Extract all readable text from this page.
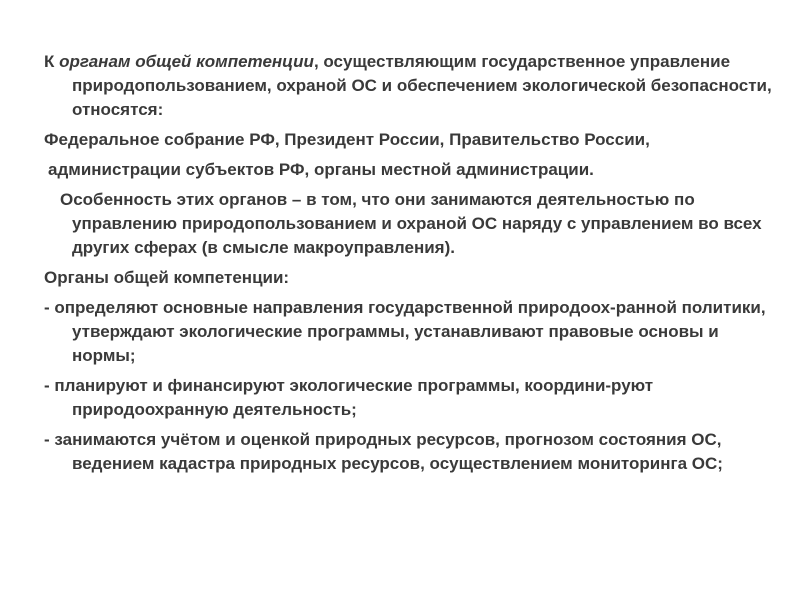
К органам общей компетенции, осуществляющим государственное управление природопользованием, охраной ОС и обеспечением экологической безопасности, относятся:

Федеральное собрание РФ, Президент России, Правительство России,

администрации субъектов РФ, органы местной администрации.

Особенность этих органов – в том, что они занимаются деятельностью по управлению природопользованием и охраной ОС наряду с управлением во всех других сферах (в смысле макроуправления).

Органы общей компетенции:

- определяют основные направления государственной природоох-ранной политики, утверждают экологические программы, устанавливают правовые основы и нормы;

- планируют и финансируют экологические программы, координи-руют природоохранную деятельность;

- занимаются учётом и оценкой природных ресурсов, прогнозом состояния ОС, ведением кадастра природных ресурсов, осуществлением мониторинга ОС;
